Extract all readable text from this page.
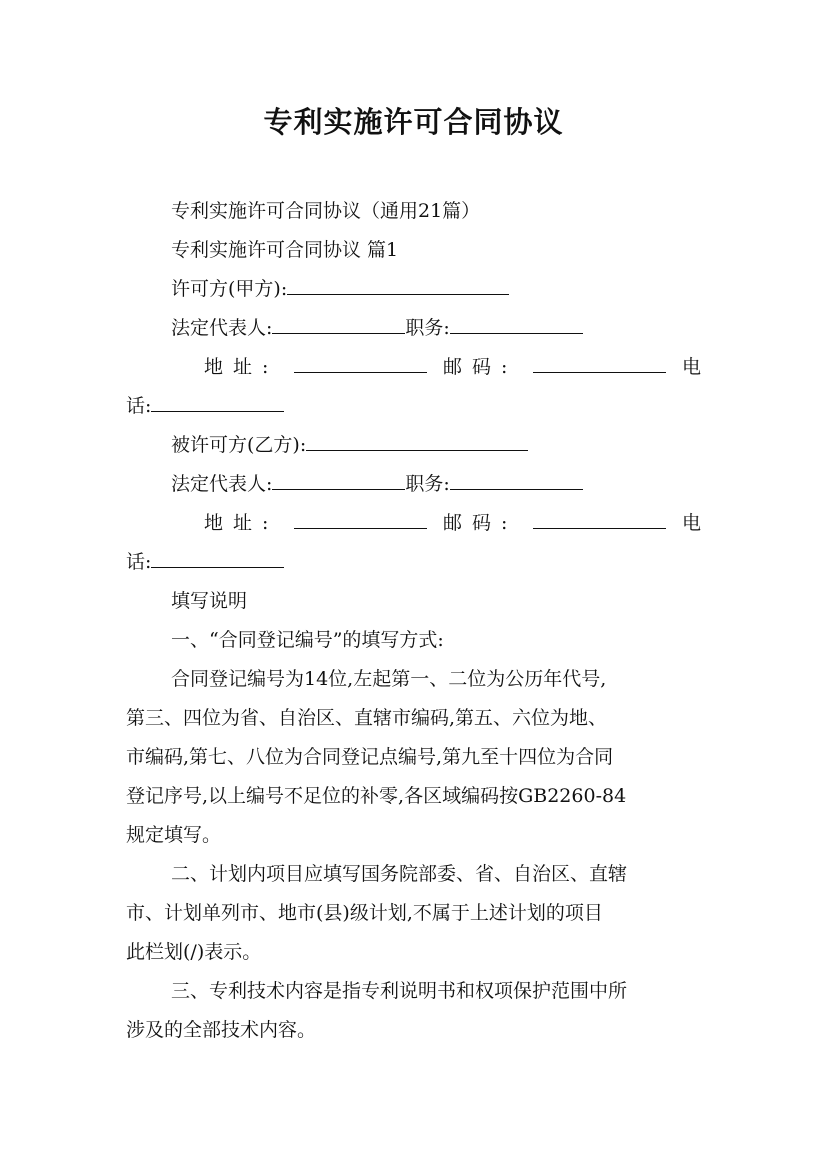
专利实施许可合同协议
专利实施许可合同协议（通用21篇）
专利实施许可合同协议 篇1
许可方(甲方):
法定代表人:	职务:
地址:	邮码:	电
话:
被许可方(乙方):
法定代表人:	职务:
地址:	邮码:	电
话:
填写说明
一、“合同登记编号”的填写方式:
合同登记编号为14位,左起第一、二位为公历年代号,
第三、四位为省、自治区、直辖市编码,第五、六位为地、
市编码,第七、八位为合同登记点编号,第九至十四位为合同
登记序号,以上编号不足位的补零,各区域编码按GB2260-84
规定填写。
二、计划内项目应填写国务院部委、省、自治区、直辖
市、计划单列市、地市(县)级计划,不属于上述计划的项目
此栏划(/)表示。
三、专利技术内容是指专利说明书和权项保护范围中所
涉及的全部技术内容。
